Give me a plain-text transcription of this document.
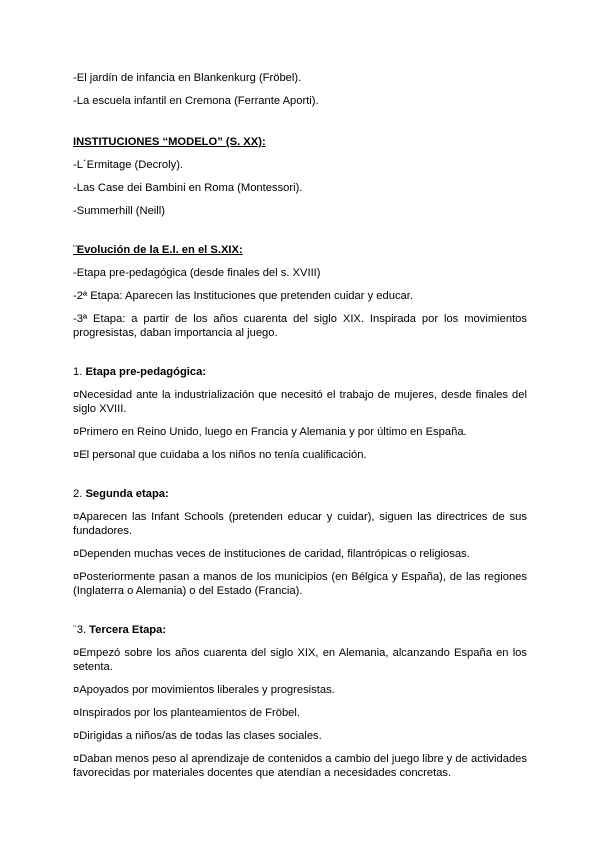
-El jardín de infancia en Blankenkurg (Fröbel).

-La escuela infantil en Cremona (Ferrante Aporti).

INSTITUCIONES “MODELO” (S. XX):

-L´Ermitage (Decroly).

-Las Case dei Bambini en Roma (Montessori).

-Summerhill (Neill)

¨Evolución de la E.I. en el S.XIX:

-Etapa pre-pedagógica (desde finales del s. XVIII)

-2ª Etapa: Aparecen las Instituciones que pretenden cuidar y educar.

-3ª Etapa: a partir de los años cuarenta del siglo XIX. Inspirada por los movimientos progresistas, daban importancia al juego.

1. Etapa pre-pedagógica:

¤Necesidad ante la industrialización que necesitó el trabajo de mujeres, desde finales del siglo XVIII.

¤Primero en Reino Unido, luego en Francia y Alemania y por último en España.

¤El personal que cuidaba a los niños no tenía cualificación.

2. Segunda etapa:

¤Aparecen las Infant Schools (pretenden educar y cuidar), siguen las directrices de sus fundadores.

¤Dependen muchas veces de instituciones de caridad, filantrópicas o religiosas.

¤Posteriormente pasan a manos de los municipios (en Bélgica y España), de las regiones (Inglaterra o Alemania) o del Estado (Francia).

¨3. Tercera Etapa:

¤Empezó sobre los años cuarenta del siglo XIX, en Alemania, alcanzando España en los setenta.

¤Apoyados por movimientos liberales y progresistas.

¤Inspirados por los planteamientos de Fröbel.

¤Dirigidas a niños/as de todas las clases sociales.

¤Daban menos peso al aprendizaje de contenidos a cambio del juego libre y de actividades favorecidas por materiales docentes que atendían a necesidades concretas.
